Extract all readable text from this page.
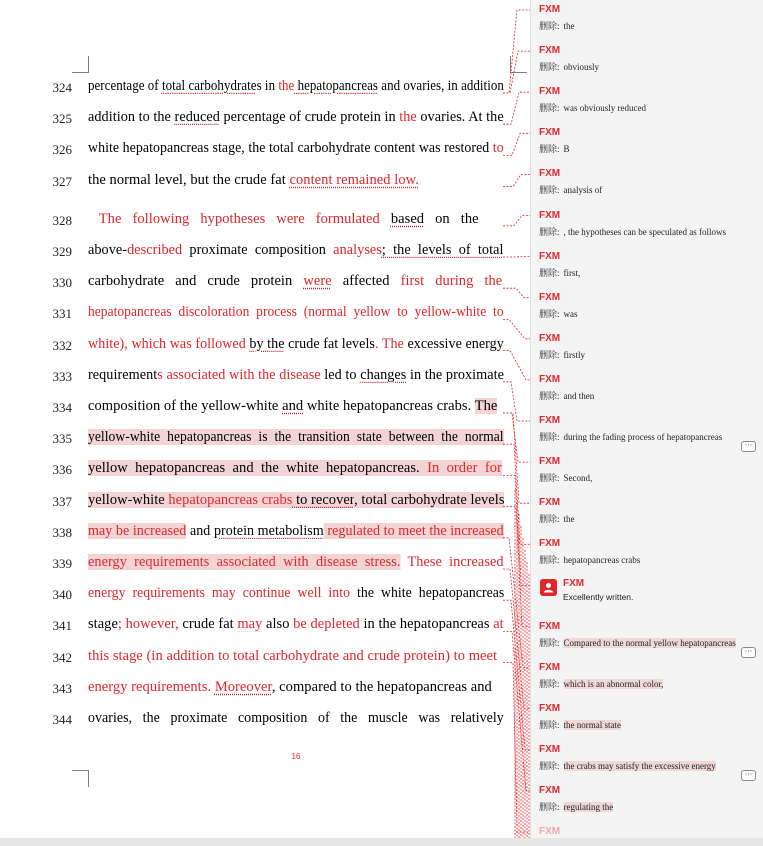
324 percentage of total carbohydrates in the hepatopancreas and ovaries, in addition
325 addition to the reduced percentage of crude protein in the ovaries. At the
326 white hepatopancreas stage, the total carbohydrate content was restored to
327 the normal level, but the crude fat content remained low.
328 The   following   hypotheses   were   formulated   based   on   the
329 above-described  proximate  composition  analyses;  the  levels  of  total
330 carbohydrate   and   crude   protein   were   affected   first   during   the
331 hepatopancreas  discoloration  process  (normal  yellow  to  yellow-white  to
332 white), which was followed by the crude fat levels. The excessive energy
333 requirements associated with the disease led to changes in the proximate
334 composition of the yellow-white and white hepatopancreas crabs. The
335 yellow-white  hepatopancreas  is  the  transition  state  between  the  normal
336 yellow  hepatopancreas  and  the  white  hepatopancreas.  In  order  for
337 yellow-white hepatopancreas crabs to recover, total carbohydrate levels
338 may be increased and protein metabolism regulated to meet the increased
339 energy  requirements  associated  with  disease  stress. These  increased
340 energy  requirements  may  continue  well  into  the  white  hepatopancreas
341 stage; however, crude fat may also be depleted in the hepatopancreas at
342 this stage (in addition to total carbohydrate and crude protein) to meet
343 energy requirements. Moreover, compared to the hepatopancreas and
344 ovaries,   the   proximate   composition   of   the   muscle   was   relatively
16
FXM
删除: the
FXM
删除: obviously
FXM
删除: was obviously reduced
FXM
删除: B
FXM
删除: analysis of
FXM
删除: , the hypotheses can be speculated as follows
FXM
删除: first,
FXM
删除: was
FXM
删除: firstly
FXM
删除: and then
FXM
删除: during the fading process of hepatopancreas
···
FXM
删除: Second,
FXM
删除: the
FXM
删除: hepatopancreas crabs
FXM
Excellently written.
FXM
删除: Compared to the normal yellow hepatopancreas
···
FXM
删除: which is an abnormal color,
FXM
删除: the normal state
FXM
删除: the crabs may satisfy the excessive energy
···
FXM
删除: regulating the
FXM
